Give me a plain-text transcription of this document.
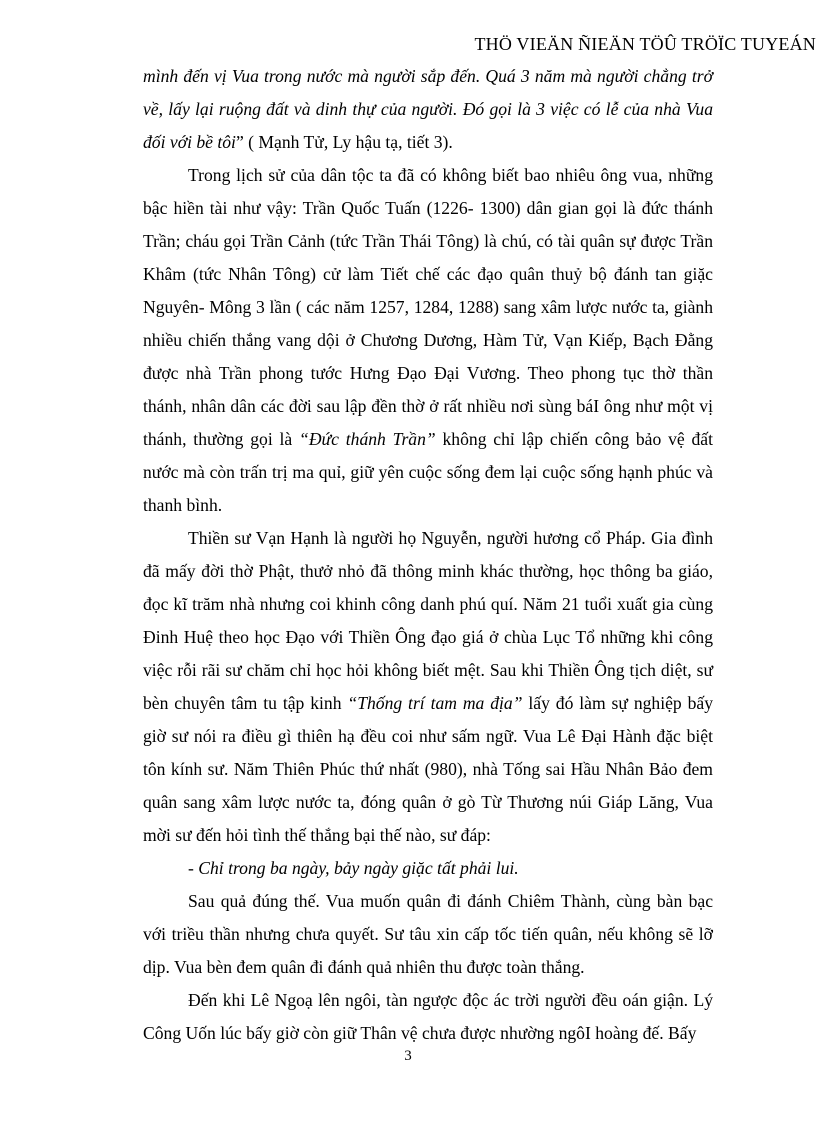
THÖ VIEÄN ÑIEÄN TÖÛ TRÖÏC TUYEÁN

mình đến vị Vua trong nước mà người sắp đến. Quá 3 năm mà người chẳng trở về, lấy lại ruộng đất và dinh thự của người. Đó gọi là 3 việc có lễ của nhà Vua đối với bề tôi” ( Mạnh Tử, Ly hậu tạ, tiết 3).

Trong lịch sử của dân tộc ta đã có không biết bao nhiêu ông vua, những bậc hiền tài như vậy: Trần Quốc Tuấn (1226- 1300) dân gian gọi là đức thánh Trần; cháu gọi Trần Cảnh (tức Trần Thái Tông) là chú, có tài quân sự được Trần Khâm (tức Nhân Tông) cử làm Tiết chế các đạo quân thuỷ bộ đánh tan giặc Nguyên- Mông 3 lần ( các năm 1257, 1284, 1288) sang xâm lược nước ta, giành nhiều chiến thắng vang dội ở Chương Dương, Hàm Tử, Vạn Kiếp, Bạch Đằng được nhà Trần phong tước Hưng Đạo Đại Vương. Theo phong tục thờ thần thánh, nhân dân các đời sau lập đền thờ ở rất nhiều nơi sùng báI ông như một vị thánh, thường gọi là “Đức thánh Trần” không chỉ lập chiến công bảo vệ đất nước mà còn trấn trị ma quỉ, giữ yên cuộc sống đem lại cuộc sống hạnh phúc và thanh bình.

Thiền sư Vạn Hạnh là người họ Nguyễn, người hương cổ Pháp. Gia đình đã mấy đời thờ Phật, thưở nhỏ đã thông minh khác thường, học thông ba giáo, đọc kĩ trăm nhà nhưng coi khinh công danh phú quí. Năm 21 tuổi xuất gia cùng Đinh Huệ theo học Đạo với Thiền Ông đạo giá ở chùa Lục Tổ những khi công việc rỗi rãi sư chăm chỉ học hỏi không biết mệt. Sau khi Thiền Ông tịch diệt, sư bèn chuyên tâm tu tập kinh “Thống trí tam ma địa” lấy đó làm sự nghiệp bấy giờ sư nói ra điều gì thiên hạ đều coi như sấm ngữ. Vua Lê Đại Hành đặc biệt tôn kính sư. Năm Thiên Phúc thứ nhất (980), nhà Tống sai Hầu Nhân Bảo đem quân sang xâm lược nước ta, đóng quân ở gò Từ Thương núi Giáp Lăng, Vua mời sư đến hỏi tình thế thắng bại thế nào, sư đáp:

- Chỉ trong ba ngày, bảy ngày giặc tất phải lui.

Sau quả đúng thế. Vua muốn quân đi đánh Chiêm Thành, cùng bàn bạc với triều thần nhưng chưa quyết. Sư tâu xin cấp tốc tiến quân, nếu không sẽ lỡ dịp. Vua bèn đem quân đi đánh quả nhiên thu được toàn thắng.

Đến khi Lê Ngoạ lên ngôi, tàn ngược độc ác trời người đều oán giận. Lý Công Uốn lúc bấy giờ còn giữ Thân vệ chưa được nhường ngôI hoàng đế. Bấy

3
